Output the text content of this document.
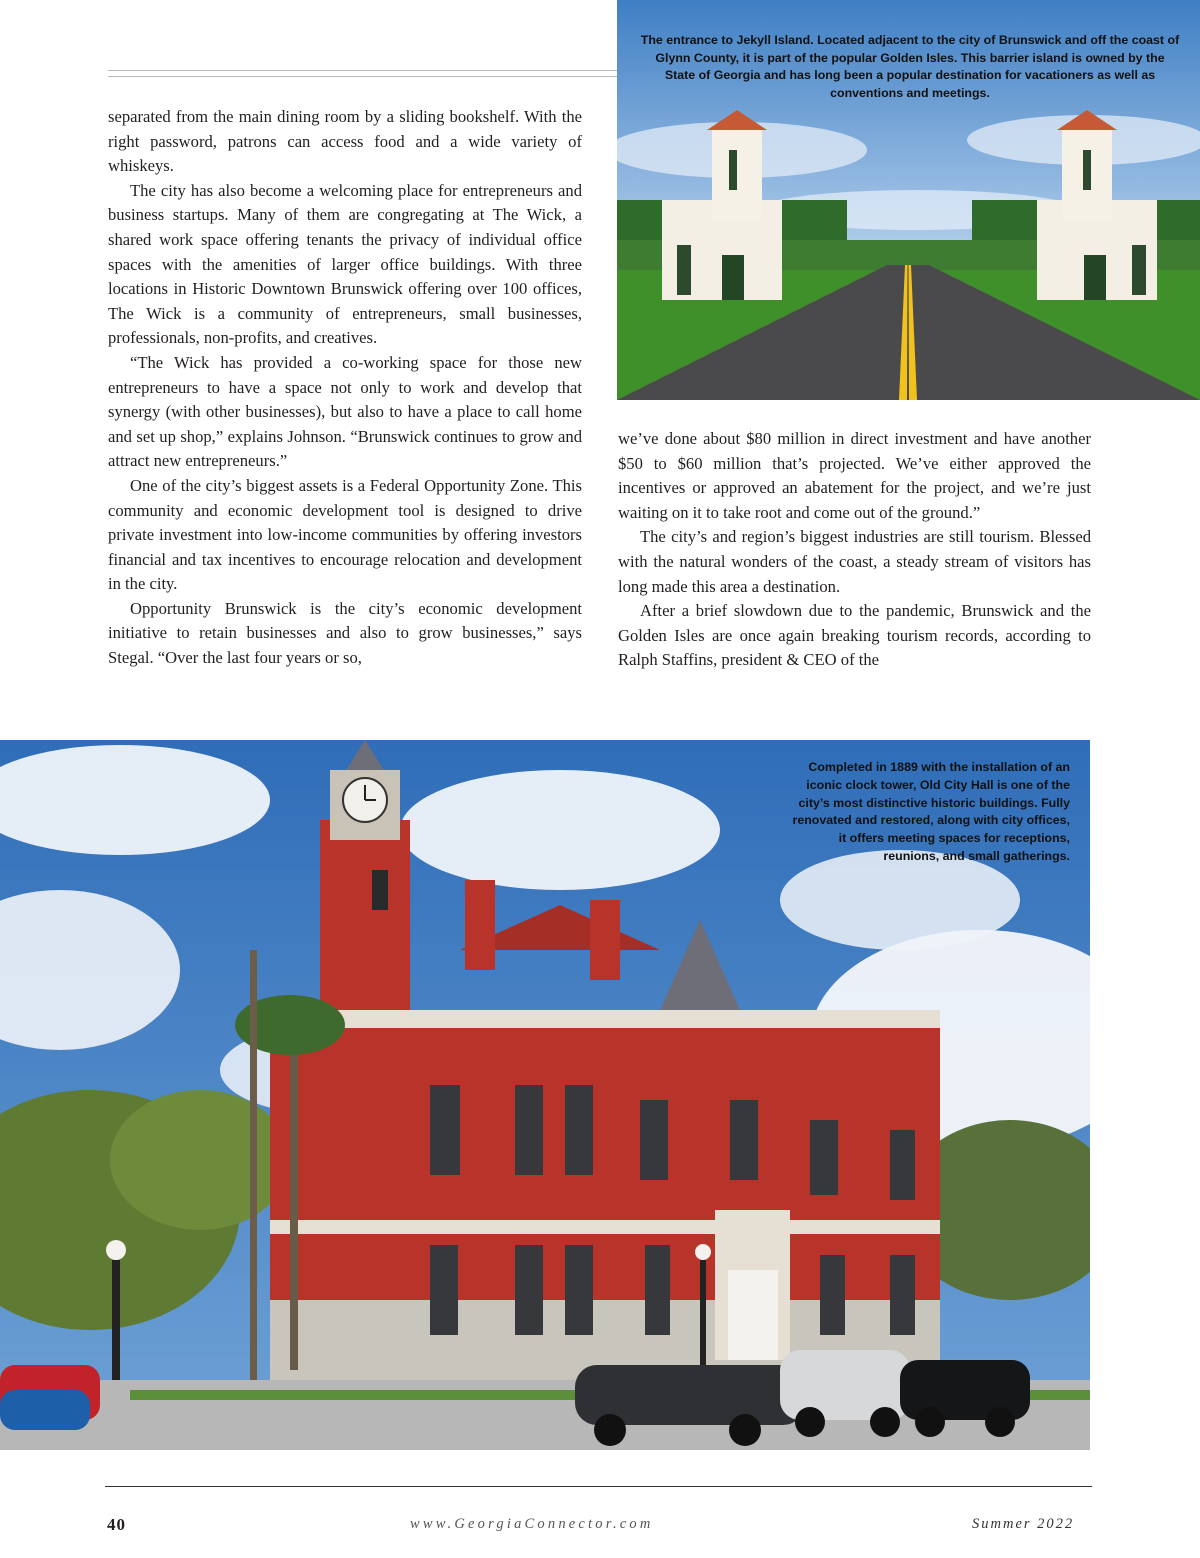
separated from the main dining room by a sliding bookshelf. With the right password, patrons can access food and a wide variety of whiskeys.

The city has also become a welcoming place for entrepreneurs and business startups. Many of them are congregating at The Wick, a shared work space offering tenants the privacy of individual office spaces with the amenities of larger office buildings. With three locations in Historic Downtown Brunswick offering over 100 offices, The Wick is a community of entrepreneurs, small businesses, professionals, non-profits, and creatives.

“The Wick has provided a co-working space for those new entrepreneurs to have a space not only to work and develop that synergy (with other businesses), but also to have a place to call home and set up shop,” explains Johnson. “Brunswick continues to grow and attract new entrepreneurs.”

One of the city’s biggest assets is a Federal Opportunity Zone. This community and economic development tool is designed to drive private investment into low-income communities by offering investors financial and tax incentives to encourage relocation and development in the city.

Opportunity Brunswick is the city’s economic development initiative to retain businesses and also to grow businesses,” says Stegal. “Over the last four years or so,

The entrance to Jekyll Island. Located adjacent to the city of Brunswick and off the coast of Glynn County, it is part of the popular Golden Isles. This barrier island is owned by the State of Georgia and has long been a popular destination for vacationers as well as conventions and meetings.

we’ve done about $80 million in direct investment and have another $50 to $60 million that’s projected. We’ve either approved the incentives or approved an abatement for the project, and we’re just waiting on it to take root and come out of the ground.”

The city’s and region’s biggest industries are still tourism. Blessed with the natural wonders of the coast, a steady stream of visitors has long made this area a destination.

After a brief slowdown due to the pandemic, Brunswick and the Golden Isles are once again breaking tourism records, according to Ralph Staffins, president & CEO of the

Completed in 1889 with the installation of an iconic clock tower, Old City Hall is one of the city’s most distinctive historic buildings. Fully renovated and restored, along with city offices, it offers meeting spaces for receptions, reunions, and small gatherings.
40	www.GeorgiaConnector.com	Summer 2022
